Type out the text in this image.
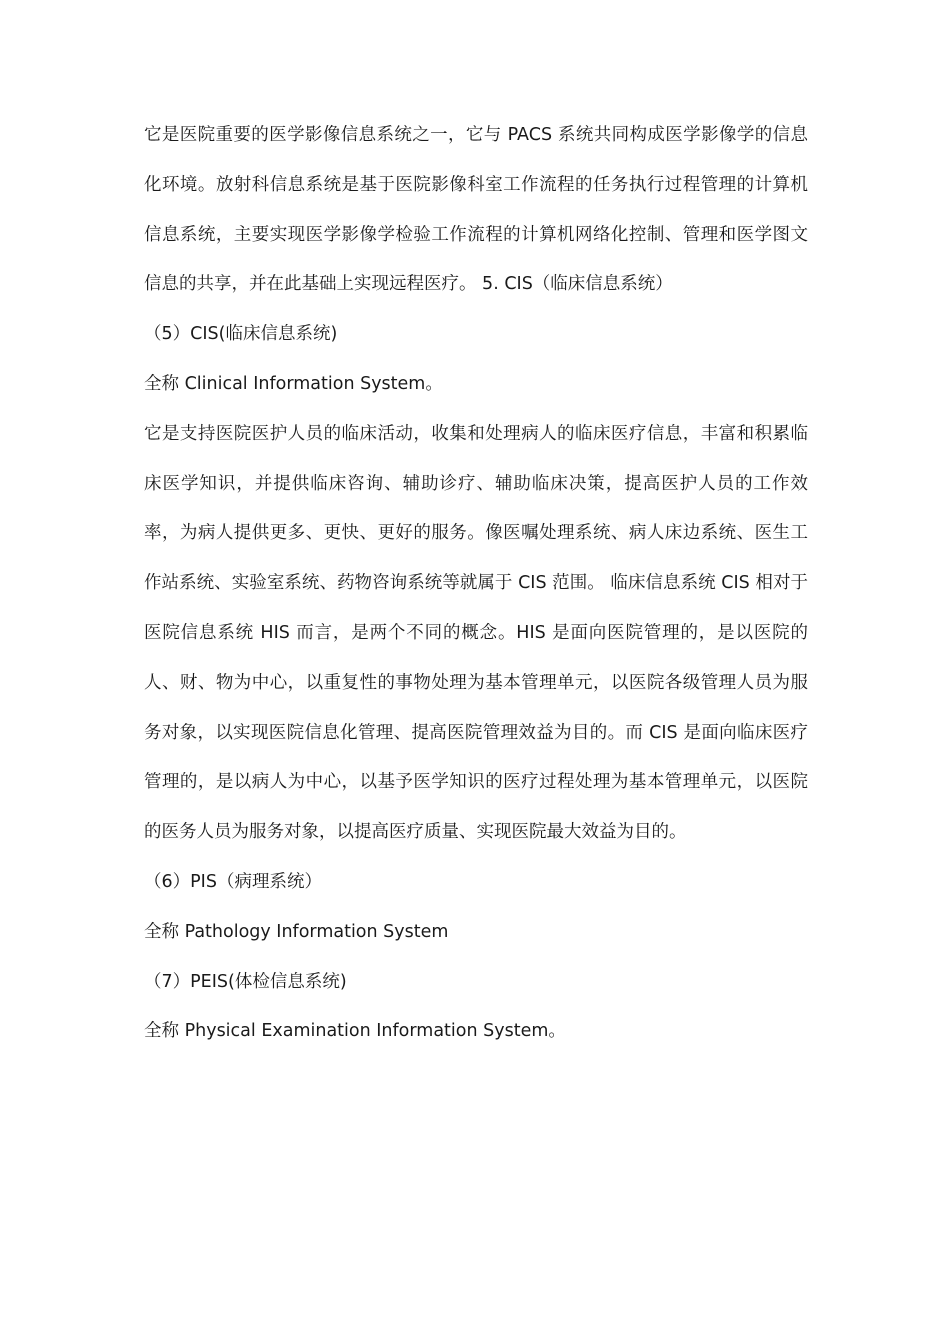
它是医院重要的医学影像信息系统之一，它与 PACS 系统共同构成医学影像学的信息化环境。放射科信息系统是基于医院影像科室工作流程的任务执行过程管理的计算机信息系统，主要实现医学影像学检验工作流程的计算机网络化控制、管理和医学图文信息的共享，并在此基础上实现远程医疗。 5. CIS（临床信息系统）

（5）CIS(临床信息系统)

全称 Clinical Information System。

它是支持医院医护人员的临床活动，收集和处理病人的临床医疗信息，丰富和积累临床医学知识，并提供临床咨询、辅助诊疗、辅助临床决策，提高医护人员的工作效率，为病人提供更多、更快、更好的服务。像医嘱处理系统、病人床边系统、医生工作站系统、实验室系统、药物咨询系统等就属于 CIS 范围。 临床信息系统 CIS 相对于医院信息系统 HIS 而言，是两个不同的概念。HIS 是面向医院管理的，是以医院的人、财、物为中心，以重复性的事物处理为基本管理单元，以医院各级管理人员为服务对象，以实现医院信息化管理、提高医院管理效益为目的。而 CIS 是面向临床医疗管理的，是以病人为中心，以基予医学知识的医疗过程处理为基本管理单元，以医院的医务人员为服务对象，以提高医疗质量、实现医院最大效益为目的。

（6）PIS（病理系统）

全称 Pathology Information System

（7）PEIS(体检信息系统)

全称 Physical Examination Information System。
